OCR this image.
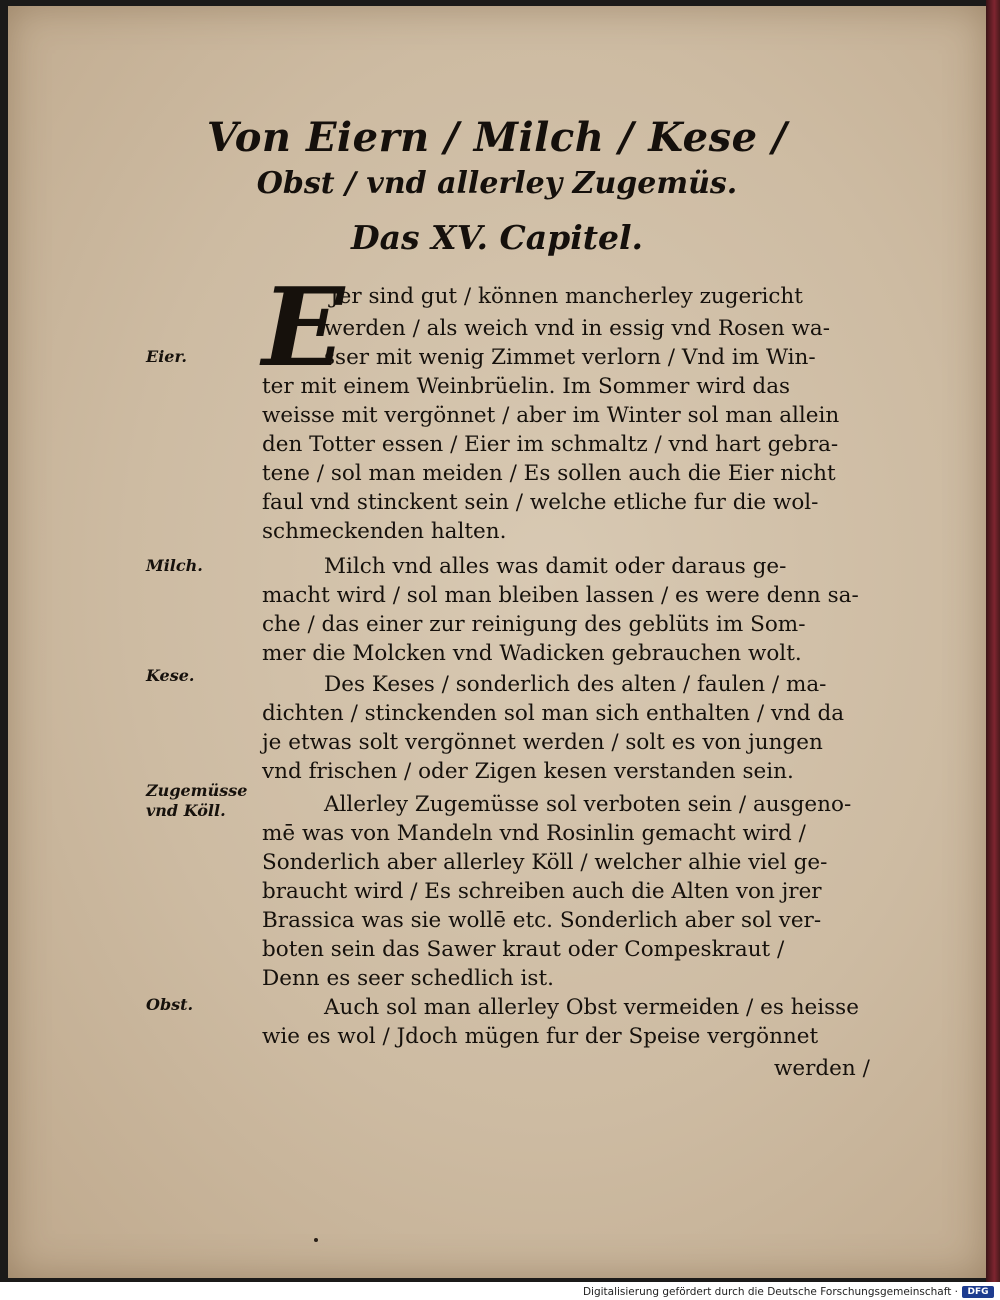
Von Eiern / Milch / Kese /
Obst / vnd allerley Zugemüs.
Das XV. Capitel.
E
Jer sind gut / können mancherley zugericht
werden / als weich vnd in essig vnd Rosen wa-
sser mit wenig Zimmet verlorn / Vnd im Win-
ter mit einem Weinbrüelin. Im Sommer wird das
weisse mit vergönnet / aber im Winter sol man allein
den Totter essen / Eier im schmaltz / vnd hart gebra-
tene / sol man meiden / Es sollen auch die Eier nicht
faul vnd stinckent sein / welche etliche fur die wol-
schmeckenden halten.
Milch vnd alles was damit oder daraus ge-
macht wird / sol man bleiben lassen / es were denn sa-
che / das einer zur reinigung des geblüts im Som-
mer die Molcken vnd Wadicken gebrauchen wolt.
Des Keses / sonderlich des alten / faulen / ma-
dichten / stinckenden sol man sich enthalten / vnd da
je etwas solt vergönnet werden / solt es von jungen
vnd frischen / oder Zigen kesen verstanden sein.
Allerley Zugemüsse sol verboten sein / ausgeno-
mē was von Mandeln vnd Rosinlin gemacht wird /
Sonderlich aber allerley Köll / welcher alhie viel ge-
braucht wird / Es schreiben auch die Alten von jrer
Brassica was sie wollē etc. Sonderlich aber sol ver-
boten sein das Sawer kraut oder Compeskraut /
Denn es seer schedlich ist.
Auch sol man allerley Obst vermeiden / es heisse
wie es wol / Jdoch mügen fur der Speise vergönnet
werden /
Eier.
Milch.
Kese.
Zugemüsse
vnd Köll.
Obst.
Digitalisierung gefördert durch die Deutsche Forschungsgemeinschaft ·	DFG
